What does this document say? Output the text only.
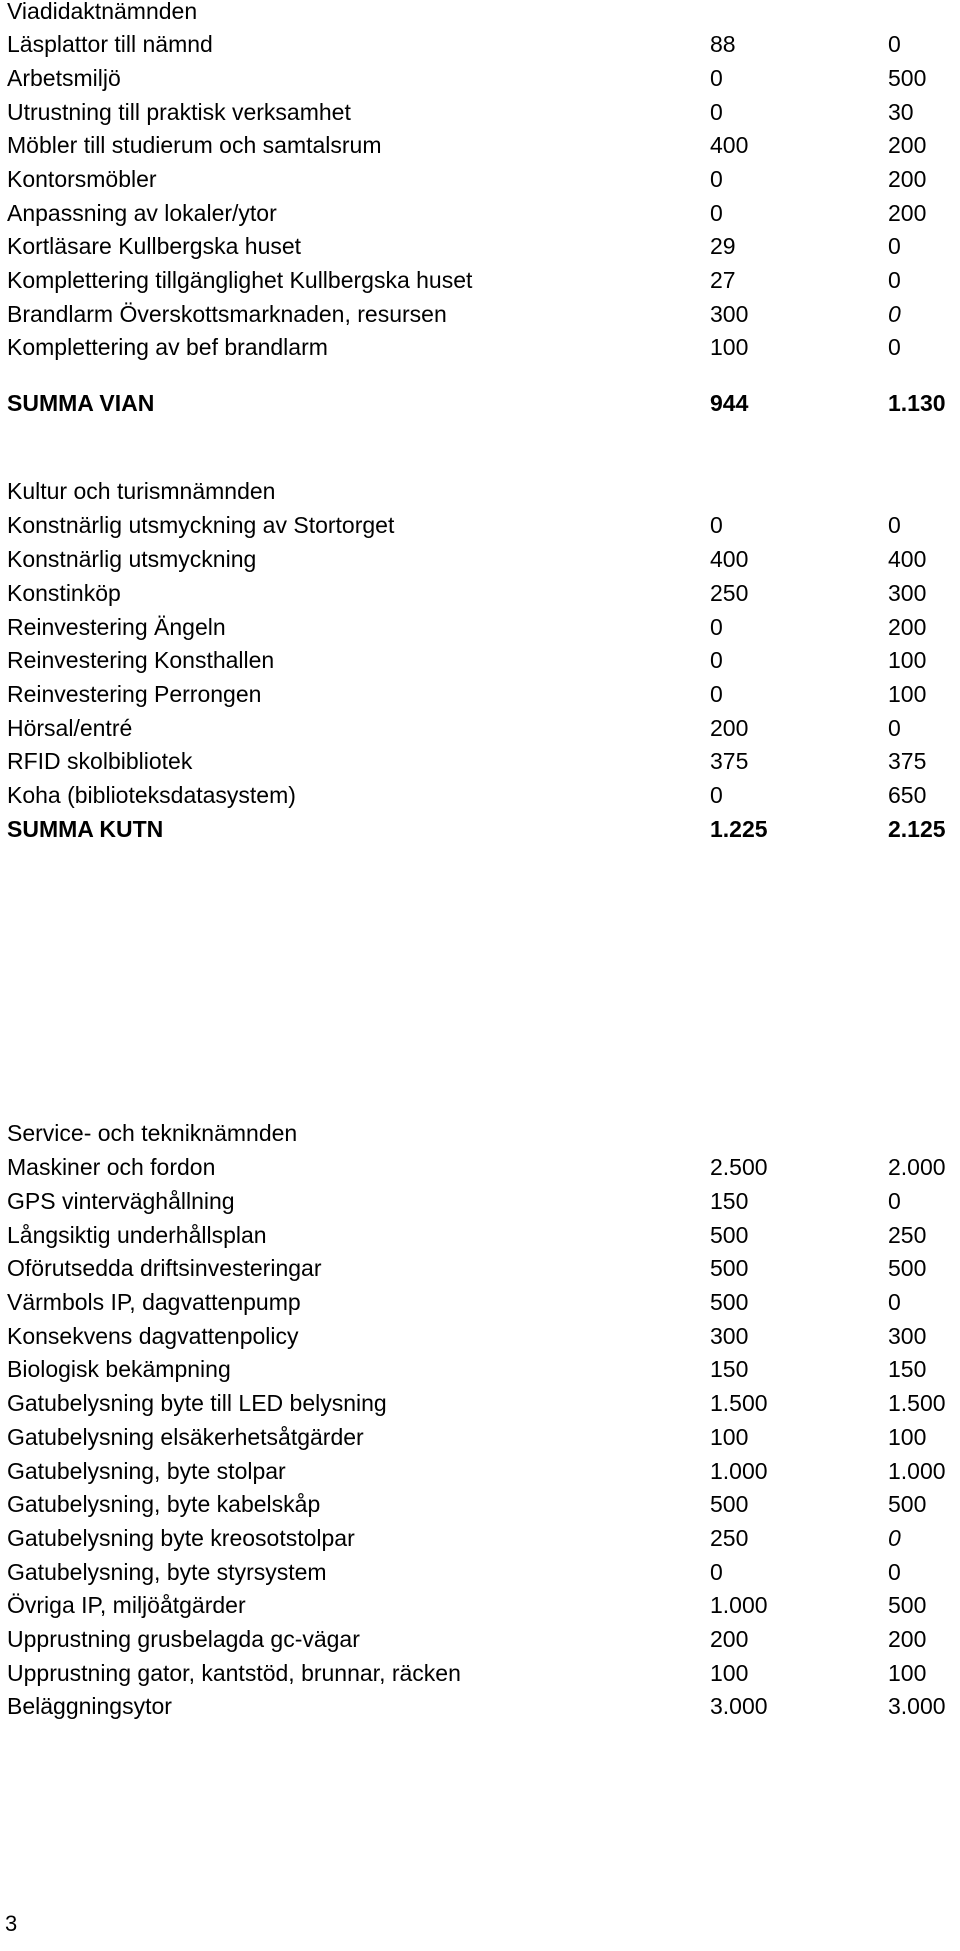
Viadidaktnämnden
Läsplattor till nämnd	88	0
Arbetsmiljö	0	500
Utrustning till praktisk verksamhet	0	30
Möbler till studierum och samtalsrum	400	200
Kontorsmöbler	0	200
Anpassning av lokaler/ytor	0	200
Kortläsare Kullbergska huset	29	0
Komplettering tillgänglighet Kullbergska huset	27	0
Brandlarm Överskottsmarknaden, resursen	300	0
Komplettering av bef brandlarm	100	0
SUMMA VIAN	944	1.130
Kultur och turismnämnden
Konstnärlig utsmyckning av Stortorget	0	0
Konstnärlig utsmyckning	400	400
Konstinköp	250	300
Reinvestering Ängeln	0	200
Reinvestering Konsthallen	0	100
Reinvestering Perrongen	0	100
Hörsal/entré	200	0
RFID skolbibliotek	375	375
Koha (biblioteksdatasystem)	0	650
SUMMA KUTN	1.225	2.125
Service- och tekniknämnden
Maskiner och fordon	2.500	2.000
GPS vinterväghållning	150	0
Långsiktig underhållsplan	500	250
Oförutsedda driftsinvesteringar	500	500
Värmbols IP, dagvattenpump	500	0
Konsekvens dagvattenpolicy	300	300
Biologisk bekämpning	150	150
Gatubelysning byte till LED belysning	1.500	1.500
Gatubelysning elsäkerhetsåtgärder	100	100
Gatubelysning, byte stolpar	1.000	1.000
Gatubelysning, byte kabelskåp	500	500
Gatubelysning byte kreosotstolpar	250	0
Gatubelysning, byte styrsystem	0	0
Övriga IP, miljöåtgärder	1.000	500
Upprustning grusbelagda gc-vägar	200	200
Upprustning gator, kantstöd, brunnar, räcken	100	100
Beläggningsytor	3.000	3.000
3
